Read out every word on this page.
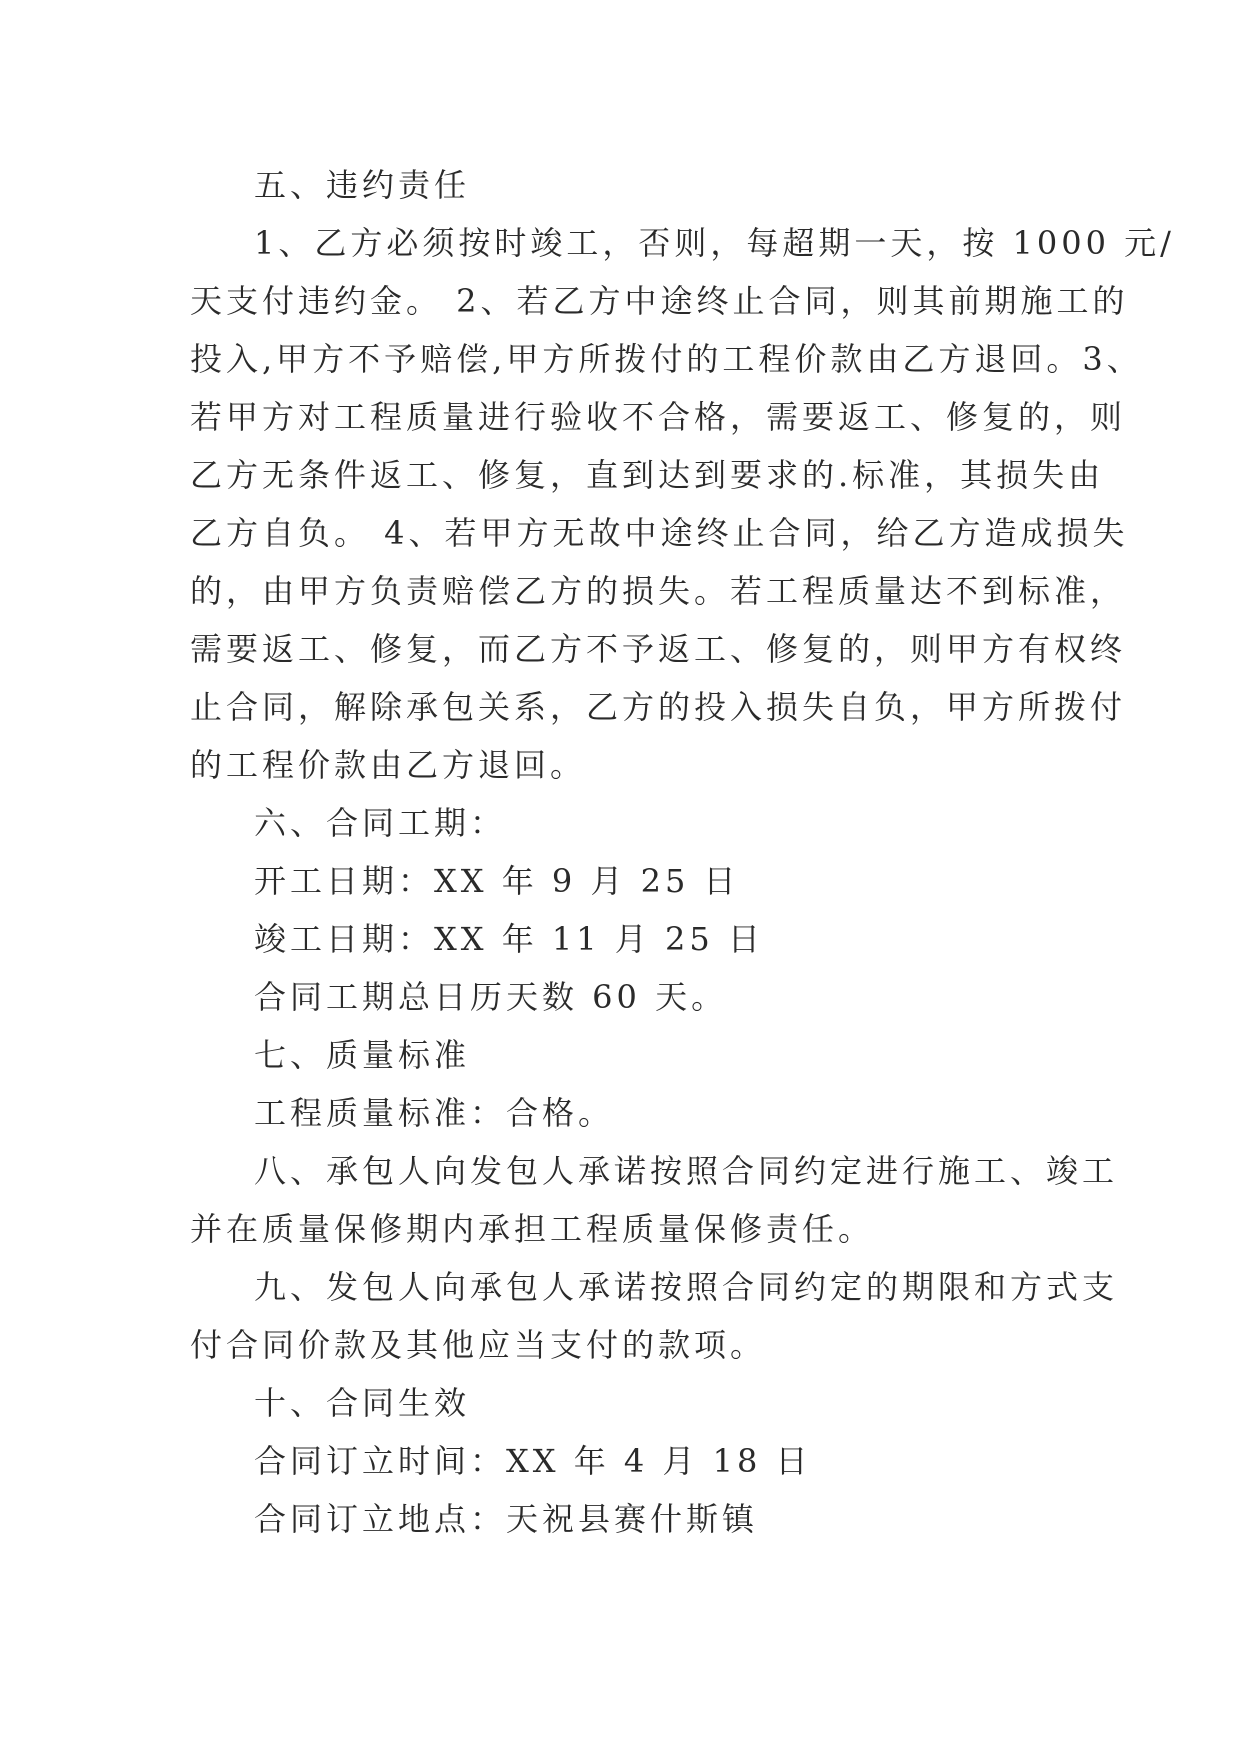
五、违约责任
1、乙方必须按时竣工，否则，每超期一天，按 1000 元/
天支付违约金。 2、若乙方中途终止合同，则其前期施工的
投入,甲方不予赔偿,甲方所拨付的工程价款由乙方退回。3、
若甲方对工程质量进行验收不合格，需要返工、修复的，则
乙方无条件返工、修复，直到达到要求的.标准，其损失由
乙方自负。 4、若甲方无故中途终止合同，给乙方造成损失
的，由甲方负责赔偿乙方的损失。若工程质量达不到标准，
需要返工、修复，而乙方不予返工、修复的，则甲方有权终
止合同，解除承包关系，乙方的投入损失自负，甲方所拨付
的工程价款由乙方退回。
六、合同工期：
开工日期：XX 年 9 月 25 日
竣工日期：XX 年 11 月 25 日
合同工期总日历天数 60 天。
七、质量标准
工程质量标准：合格。
八、承包人向发包人承诺按照合同约定进行施工、竣工
并在质量保修期内承担工程质量保修责任。
九、发包人向承包人承诺按照合同约定的期限和方式支
付合同价款及其他应当支付的款项。
十、合同生效
合同订立时间：XX 年 4 月 18 日
合同订立地点：天祝县赛什斯镇
